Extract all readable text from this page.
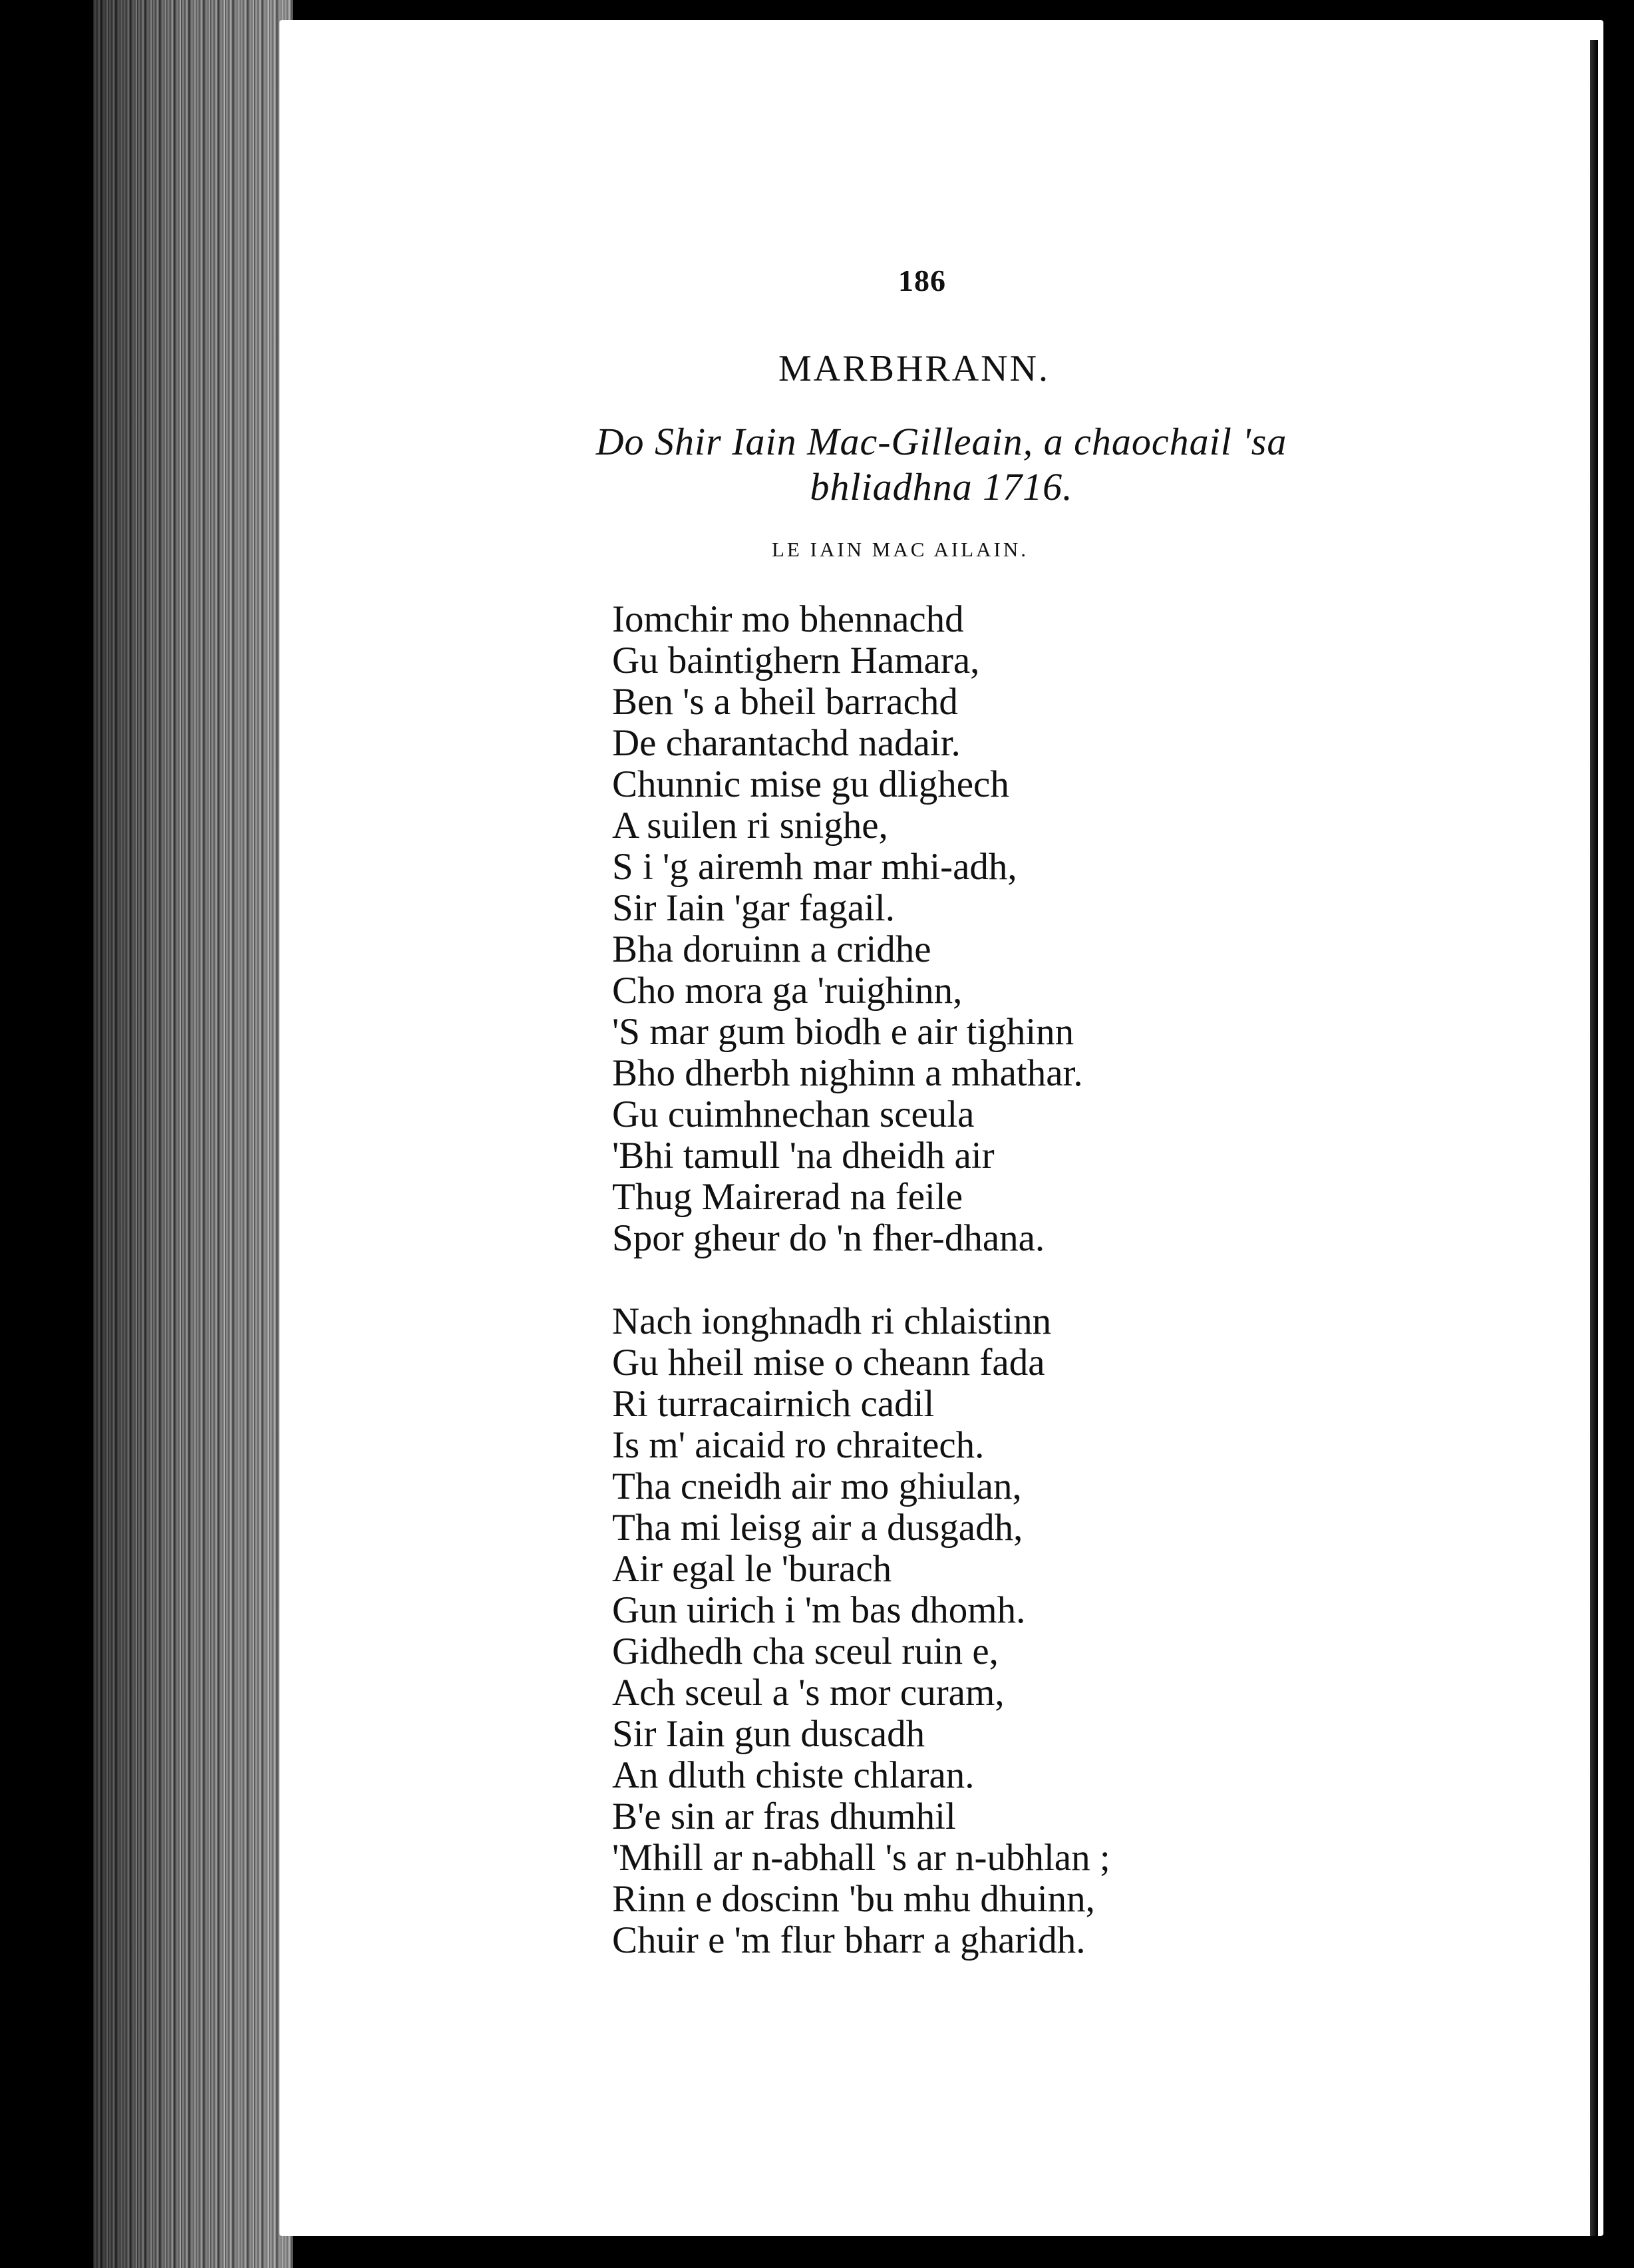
186
MARBHRANN.
Do Shir Iain Mac-Gilleain, a chaochail 'sa bhliadhna 1716.
LE IAIN MAC AILAIN.
Iomchir mo bhennachd
Gu baintighern Hamara,
Ben 's a bheil barrachd
De charantachd nadair.
Chunnic mise gu dlighech
A suilen ri snighe,
S i 'g airemh mar mhi-adh,
Sir Iain 'gar fagail.
Bha doruinn a cridhe
Cho mora ga 'ruighinn,
'S mar gum biodh e air tighinn
Bho dherbh nighinn a mhathar.
Gu cuimhnechan sceula
'Bhi tamull 'na dheidh air
Thug Mairerad na feile
Spor gheur do 'n fher-dhana.
Nach ionghnadh ri chlaistinn
Gu hheil mise o cheann fada
Ri turracairnich cadil
Is m' aicaid ro chraitech.
Tha cneidh air mo ghiulan,
Tha mi leisg air a dusgadh,
Air egal le 'burach
Gun uirich i 'm bas dhomh.
Gidhedh cha sceul ruin e,
Ach sceul a 's mor curam,
Sir Iain gun duscadh
An dluth chiste chlaran.
B'e sin ar fras dhumhil
'Mhill ar n-abhall 's ar n-ubhlan ;
Rinn e doscinn 'bu mhu dhuinn,
Chuir e 'm flur bharr a gharidh.
